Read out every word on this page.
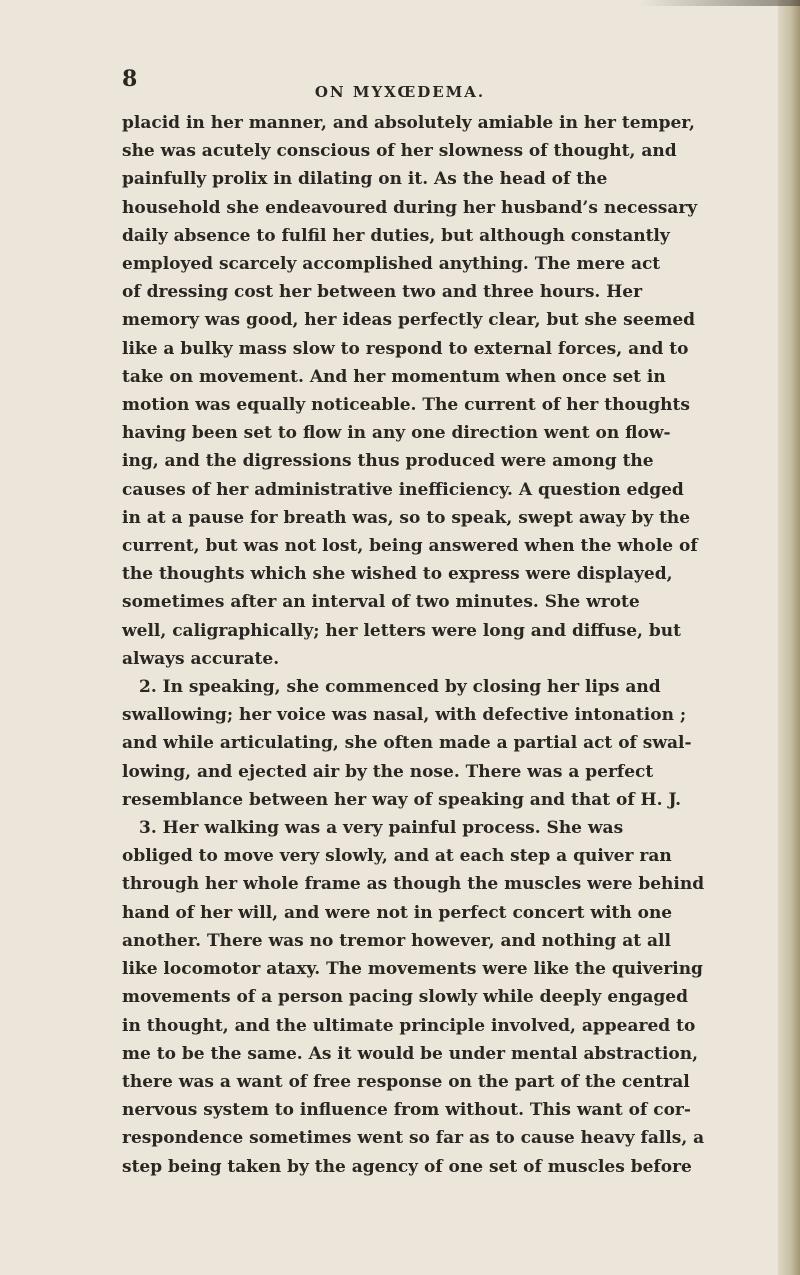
8	ON MYXŒDEMA.
placid in her manner, and absolutely amiable in her temper,
she was acutely conscious of her slowness of thought, and
painfully prolix in dilating on it. As the head of the
household she endeavoured during her husband’s necessary
daily absence to fulfil her duties, but although constantly
employed scarcely accomplished anything. The mere act
of dressing cost her between two and three hours. Her
memory was good, her ideas perfectly clear, but she seemed
like a bulky mass slow to respond to external forces, and to
take on movement. And her momentum when once set in
motion was equally noticeable. The current of her thoughts
having been set to flow in any one direction went on flow-
ing, and the digressions thus produced were among the
causes of her administrative inefficiency. A question edged
in at a pause for breath was, so to speak, swept away by the
current, but was not lost, being answered when the whole of
the thoughts which she wished to express were displayed,
sometimes after an interval of two minutes. She wrote
well, caligraphically; her letters were long and diffuse, but
always accurate.
2. In speaking, she commenced by closing her lips and
swallowing; her voice was nasal, with defective intonation ;
and while articulating, she often made a partial act of swal-
lowing, and ejected air by the nose. There was a perfect
resemblance between her way of speaking and that of H. J.
3. Her walking was a very painful process. She was
obliged to move very slowly, and at each step a quiver ran
through her whole frame as though the muscles were behind
hand of her will, and were not in perfect concert with one
another. There was no tremor however, and nothing at all
like locomotor ataxy. The movements were like the quivering
movements of a person pacing slowly while deeply engaged
in thought, and the ultimate principle involved, appeared to
me to be the same. As it would be under mental abstraction,
there was a want of free response on the part of the central
nervous system to influence from without. This want of cor-
respondence sometimes went so far as to cause heavy falls, a
step being taken by the agency of one set of muscles before
